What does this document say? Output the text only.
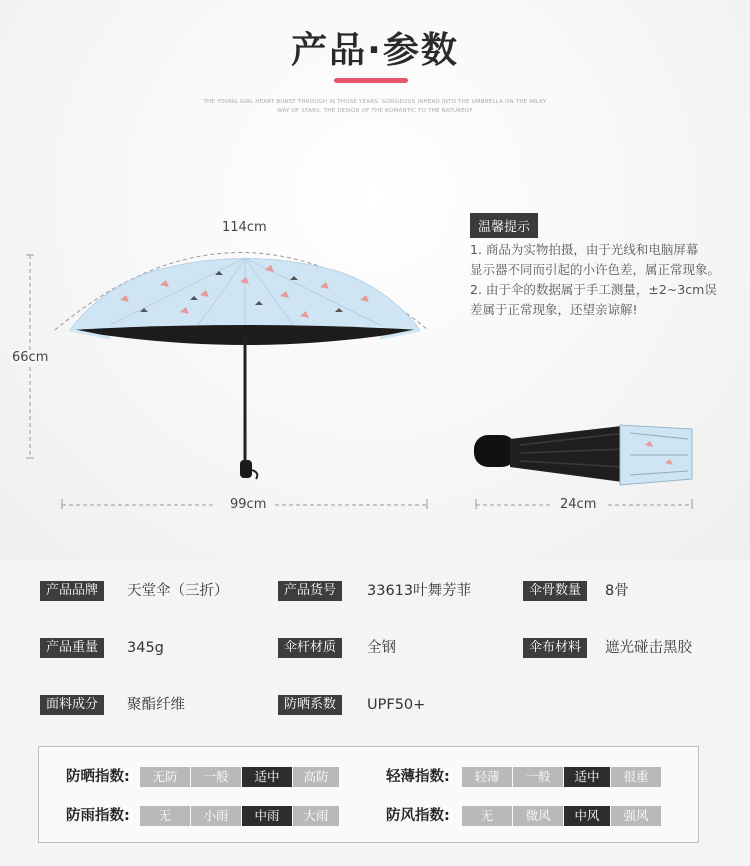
产品·参数
THE YOUNG GIRL HEART BURST THROUGH IN THOSE YEARS. GORGEOUS INHEAD INTO THE UMBRELLA ON THE MILKY
WAY OF STARS, THE DESIGN OF THE ROMANTIC TO THE NATUREOF
114cm
66cm
99cm	24cm
温馨提示
1. 商品为实物拍摄，由于光线和电脑屏幕
显示器不同而引起的小许色差，属正常现象。
2. 由于伞的数据属于手工测量，±2~3cm误
差属于正常现象，还望亲谅解!
产品品牌	天堂伞（三折）	产品货号	33613叶舞芳菲	伞骨数量	8骨
产品重量	345g	伞杆材质	全钢	伞布材料	遮光碰击黑胶
面料成分	聚酯纤维	防晒系数	UPF50+
防晒指数:	无防	一般	适中	高防	轻薄指数:	轻薄	一般	适中	很重
防雨指数:	无	小雨	中雨	大雨	防风指数:	无	微风	中风	强风
